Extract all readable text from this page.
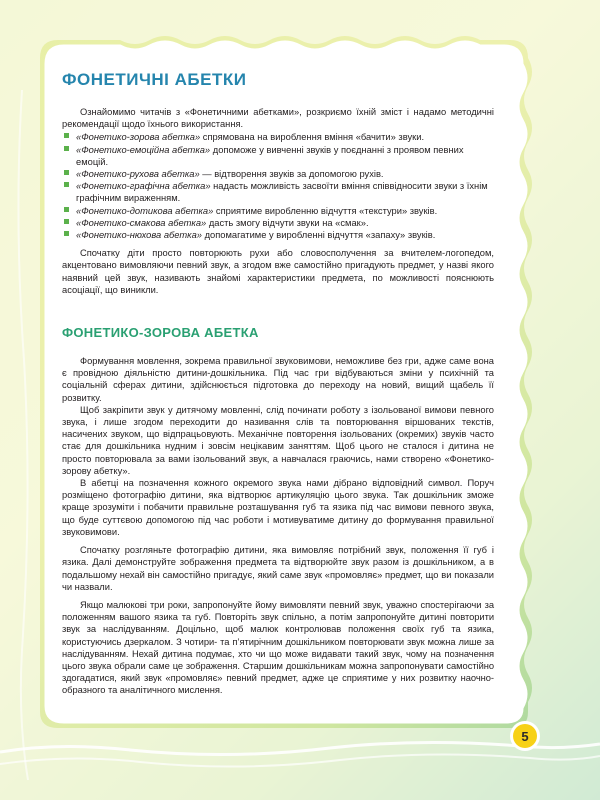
ФОНЕТИЧНІ АБЕТКИ

Ознайомимо читачів з «Фонетичними абетками», розкриємо їхній зміст і надамо методичні рекомендації щодо їхнього використання.

«Фонетико-зорова абетка» спрямована на вироблення вміння «бачити» звуки.
«Фонетико-емоційна абетка» допоможе у вивченні звуків у поєднанні з проявом певних емоцій.
«Фонетико-рухова абетка» — відтворення звуків за допомогою рухів.
«Фонетико-графічна абетка» надасть можливість засвоїти вміння співвідносити звуки з їхнім графічним вираженням.
«Фонетико-дотикова абетка» сприятиме виробленню відчуття «текстури» звуків.
«Фонетико-смакова абетка» дасть змогу відчути звуки на «смак».
«Фонетико-нюхова абетка» допомагатиме у виробленні відчуття «запаху» звуків.

Спочатку діти просто повторюють рухи або словосполучення за вчителем-логопедом, акцентовано вимовляючи певний звук, а згодом вже самостійно пригадують предмет, у назві якого наявний цей звук, називають знайомі характеристики предмета, по можливості пояснюють асоціації, що виникли.

ФОНЕТИКО-ЗОРОВА АБЕТКА

Формування мовлення, зокрема правильної звуковимови, неможливе без гри, адже саме вона є провідною діяльністю дитини-дошкільника. Під час гри відбуваються зміни у психічній та соціальній сферах дитини, здійснюється підготовка до переходу на новий, вищий щабель її розвитку.

Щоб закріпити звук у дитячому мовленні, слід починати роботу з ізольованої вимови певного звука, і лише згодом переходити до називання слів та повторювання віршованих текстів, насичених звуком, що відпрацьовують. Механічне повторення ізольованих (окремих) звуків часто стає для дошкільника нудним і зовсім нецікавим заняттям. Щоб цього не сталося і дитина не просто повторювала за вами ізольований звук, а навчалася граючись, нами створено «Фонетико-зорову абетку».

В абетці на позначення кожного окремого звука нами дібрано відповідний символ. Поруч розміщено фотографію дитини, яка відтворює артикуляцію цього звука. Так дошкільник зможе краще зрозуміти і побачити правильне розташування губ та язика під час вимови певного звука, що буде суттєвою допомогою під час роботи і мотивуватиме дитину до формування правильної звуковимови.

Спочатку розгляньте фотографію дитини, яка вимовляє потрібний звук, положення її губ і язика. Далі демонструйте зображення предмета та відтворюйте звук разом із дошкільником, а в подальшому нехай він самостійно пригадує, який саме звук «промовляє» предмет, що ви показали чи назвали.

Якщо малюкові три роки, запропонуйте йому вимовляти певний звук, уважно спостерігаючи за положенням вашого язика та губ. Повторіть звук спільно, а потім запропонуйте дитині повторити звук за наслідуванням. Доцільно, щоб малюк контролював положення своїх губ та язика, користуючись дзеркалом. З чотири- та п’ятирічним дошкільником повторювати звук можна лише за наслідуванням. Нехай дитина подумає, хто чи що може видавати такий звук, чому на позначення цього звука обрали саме це зображення. Старшим дошкільникам можна запропонувати самостійно здогадатися, який звук «промовляє» певний предмет, адже це сприятиме у них розвитку наочно-образного та аналітичного мислення.

5
